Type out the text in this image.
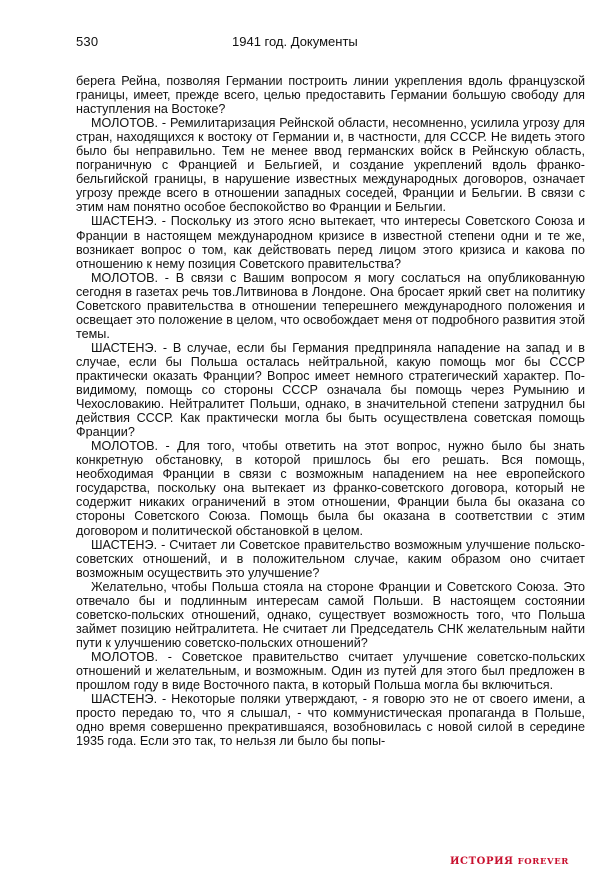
530	1941 год. Документы

берега Рейна, позволяя Германии построить линии укрепления вдоль французской границы, имеет, прежде всего, целью предоставить Германии большую свободу для наступления на Востоке?

МОЛОТОВ. - Ремилитаризация Рейнской области, несомненно, усилила угрозу для стран, находящихся к востоку от Германии и, в частности, для СССР. Не видеть этого было бы неправильно. Тем не менее ввод германских войск в Рейнскую область, пограничную с Францией и Бельгией, и создание укреплений вдоль франко-бельгийской границы, в нарушение известных международных договоров, означает угрозу прежде всего в отношении западных соседей, Франции и Бельгии. В связи с этим нам понятно особое беспокойство во Франции и Бельгии.

ШАСТЕНЭ. - Поскольку из этого ясно вытекает, что интересы Советского Союза и Франции в настоящем международном кризисе в известной степени одни и те же, возникает вопрос о том, как действовать перед лицом этого кризиса и какова по отношению к нему позиция Советского правительства?

МОЛОТОВ. - В связи с Вашим вопросом я могу сослаться на опубликованную сегодня в газетах речь тов.Литвинова в Лондоне. Она бросает яркий свет на политику Советского правительства в отношении теперешнего международного положения и освещает это положение в целом, что освобождает меня от подробного развития этой темы.

ШАСТЕНЭ. - В случае, если бы Германия предприняла нападение на запад и в случае, если бы Польша осталась нейтральной, какую помощь мог бы СССР практически оказать Франции? Вопрос имеет немного стратегический характер. По-видимому, помощь со стороны СССР означала бы помощь через Румынию и Чехословакию. Нейтралитет Польши, однако, в значительной степени затруднил бы действия СССР. Как практически могла бы быть осуществлена советская помощь Франции?

МОЛОТОВ. - Для того, чтобы ответить на этот вопрос, нужно было бы знать конкретную обстановку, в которой пришлось бы его решать. Вся помощь, необходимая Франции в связи с возможным нападением на нее европейского государства, поскольку она вытекает из франко-советского договора, который не содержит никаких ограничений в этом отношении, Франции была бы оказана со стороны Советского Союза. Помощь была бы оказана в соответствии с этим договором и политической обстановкой в целом.

ШАСТЕНЭ. - Считает ли Советское правительство возможным улучшение польско-советских отношений, и в положительном случае, каким образом оно считает возможным осуществить это улучшение?

Желательно, чтобы Польша стояла на стороне Франции и Советского Союза. Это отвечало бы и подлинным интересам самой Польши. В настоящем состоянии советско-польских отношений, однако, существует возможность того, что Польша займет позицию нейтралитета. Не считает ли Председатель СНК желательным найти пути к улучшению советско-польских отношений?

МОЛОТОВ. - Советское правительство считает улучшение советско-польских отношений и желательным, и возможным. Один из путей для этого был предложен в прошлом году в виде Восточного пакта, в который Польша могла бы включиться.

ШАСТЕНЭ. - Некоторые поляки утверждают, - я говорю это не от своего имени, а просто передаю то, что я слышал, - что коммунистическая пропаганда в Польше, одно время совершенно прекратившаяся, возобновилась с новой силой в середине 1935 года. Если это так, то нельзя ли было бы попы-

ИСТОРИЯ FOREVER
